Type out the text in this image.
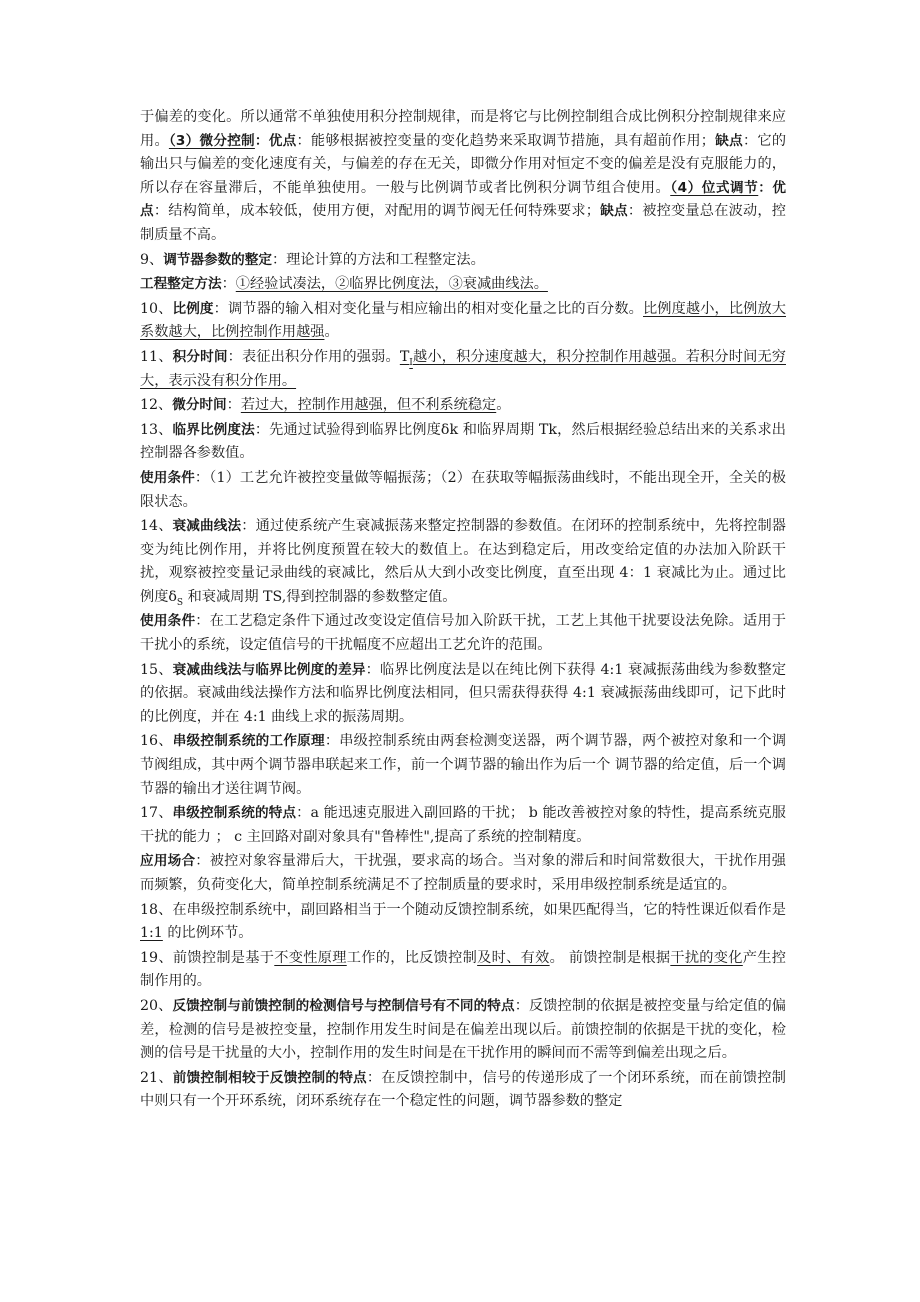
于偏差的变化。所以通常不单独使用积分控制规律，而是将它与比例控制组合成比例积分控制规律来应用。（3）微分控制：优点：能够根据被控变量的变化趋势来采取调节措施，具有超前作用；缺点：它的输出只与偏差的变化速度有关，与偏差的存在无关，即微分作用对恒定不变的偏差是没有克服能力的，所以存在容量滞后，不能单独使用。一般与比例调节或者比例积分调节组合使用。（4）位式调节：优点：结构简单，成本较低，使用方便，对配用的调节阀无任何特殊要求；缺点：被控变量总在波动，控制质量不高。

9、调节器参数的整定：理论计算的方法和工程整定法。

工程整定方法：①经验试凑法，②临界比例度法，③衰减曲线法。

10、比例度：调节器的输入相对变化量与相应输出的相对变化量之比的百分数。比例度越小，比例放大系数越大，比例控制作用越强。

11、积分时间：表征出积分作用的强弱。$T_I$越小，积分速度越大，积分控制作用越强。若积分时间无穷大，表示没有积分作用。

12、微分时间：若过大，控制作用越强，但不利系统稳定。

13、临界比例度法：先通过试验得到临界比例度δk 和临界周期 Tk，然后根据经验总结出来的关系求出控制器各参数值。

使用条件：（1）工艺允许被控变量做等幅振荡；（2）在获取等幅振荡曲线时，不能出现全开，全关的极限状态。

14、衰减曲线法：通过使系统产生衰减振荡来整定控制器的参数值。在闭环的控制系统中，先将控制器变为纯比例作用，并将比例度预置在较大的数值上。在达到稳定后，用改变给定值的办法加入阶跃干扰，观察被控变量记录曲线的衰减比，然后从大到小改变比例度，直至出现 4：1 衰减比为止。通过比例度$\delta_S$ 和衰减周期 TS,得到控制器的参数整定值。

使用条件：在工艺稳定条件下通过改变设定值信号加入阶跃干扰，工艺上其他干扰要设法免除。适用于干扰小的系统，设定值信号的干扰幅度不应超出工艺允许的范围。

15、衰减曲线法与临界比例度的差异：临界比例度法是以在纯比例下获得 4:1 衰减振荡曲线为参数整定的依据。衰减曲线法操作方法和临界比例度法相同，但只需获得获得 4:1 衰减振荡曲线即可，记下此时的比例度，并在 4:1 曲线上求的振荡周期。

16、串级控制系统的工作原理：串级控制系统由两套检测变送器，两个调节器，两个被控对象和一个调节阀组成，其中两个调节器串联起来工作，前一个调节器的输出作为后一个 调节器的给定值，后一个调节器的输出才送往调节阀。

17、串级控制系统的特点：a 能迅速克服进入副回路的干扰； b 能改善被控对象的特性，提高系统克服干扰的能力 ； c 主回路对副对象具有"鲁棒性",提高了系统的控制精度。

应用场合：被控对象容量滞后大，干扰强，要求高的场合。当对象的滞后和时间常数很大，干扰作用强而频繁，负荷变化大，简单控制系统满足不了控制质量的要求时，采用串级控制系统是适宜的。

18、在串级控制系统中，副回路相当于一个随动反馈控制系统，如果匹配得当，它的特性课近似看作是 1:1 的比例环节。

19、前馈控制是基于不变性原理工作的，比反馈控制及时、有效。 前馈控制是根据干扰的变化产生控制作用的。

20、反馈控制与前馈控制的检测信号与控制信号有不同的特点：反馈控制的依据是被控变量与给定值的偏差，检测的信号是被控变量，控制作用发生时间是在偏差出现以后。前馈控制的依据是干扰的变化，检测的信号是干扰量的大小，控制作用的发生时间是在干扰作用的瞬间而不需等到偏差出现之后。

21、前馈控制相较于反馈控制的特点：在反馈控制中，信号的传递形成了一个闭环系统，而在前馈控制中则只有一个开环系统，闭环系统存在一个稳定性的问题，调节器参数的整定
